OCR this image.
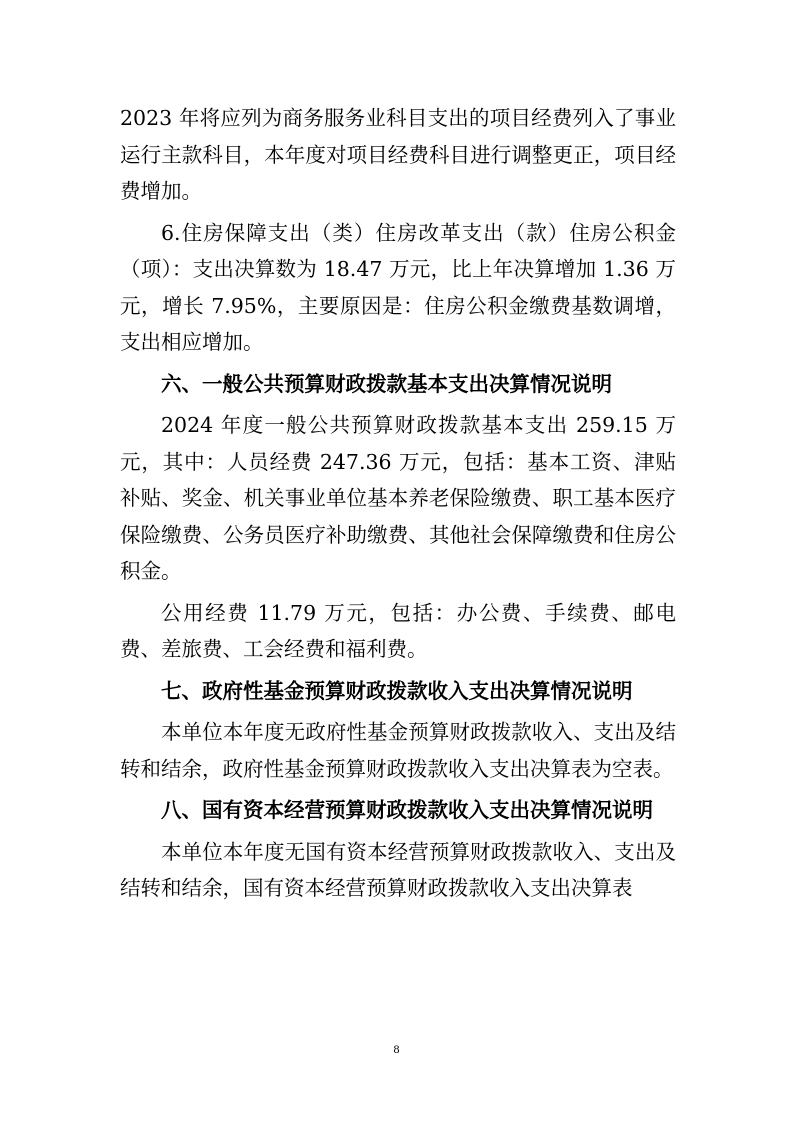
2023 年将应列为商务服务业科目支出的项目经费列入了事业运行主款科目，本年度对项目经费科目进行调整更正，项目经费增加。

6.住房保障支出（类）住房改革支出（款）住房公积金（项）：支出决算数为 18.47 万元，比上年决算增加 1.36 万元，增长 7.95%，主要原因是：住房公积金缴费基数调增，支出相应增加。

六、一般公共预算财政拨款基本支出决算情况说明

2024 年度一般公共预算财政拨款基本支出 259.15 万元，其中：人员经费 247.36 万元，包括：基本工资、津贴补贴、奖金、机关事业单位基本养老保险缴费、职工基本医疗保险缴费、公务员医疗补助缴费、其他社会保障缴费和住房公积金。

公用经费 11.79 万元，包括：办公费、手续费、邮电费、差旅费、工会经费和福利费。

七、政府性基金预算财政拨款收入支出决算情况说明

本单位本年度无政府性基金预算财政拨款收入、支出及结转和结余，政府性基金预算财政拨款收入支出决算表为空表。

八、国有资本经营预算财政拨款收入支出决算情况说明

本单位本年度无国有资本经营预算财政拨款收入、支出及结转和结余，国有资本经营预算财政拨款收入支出决算表

8
